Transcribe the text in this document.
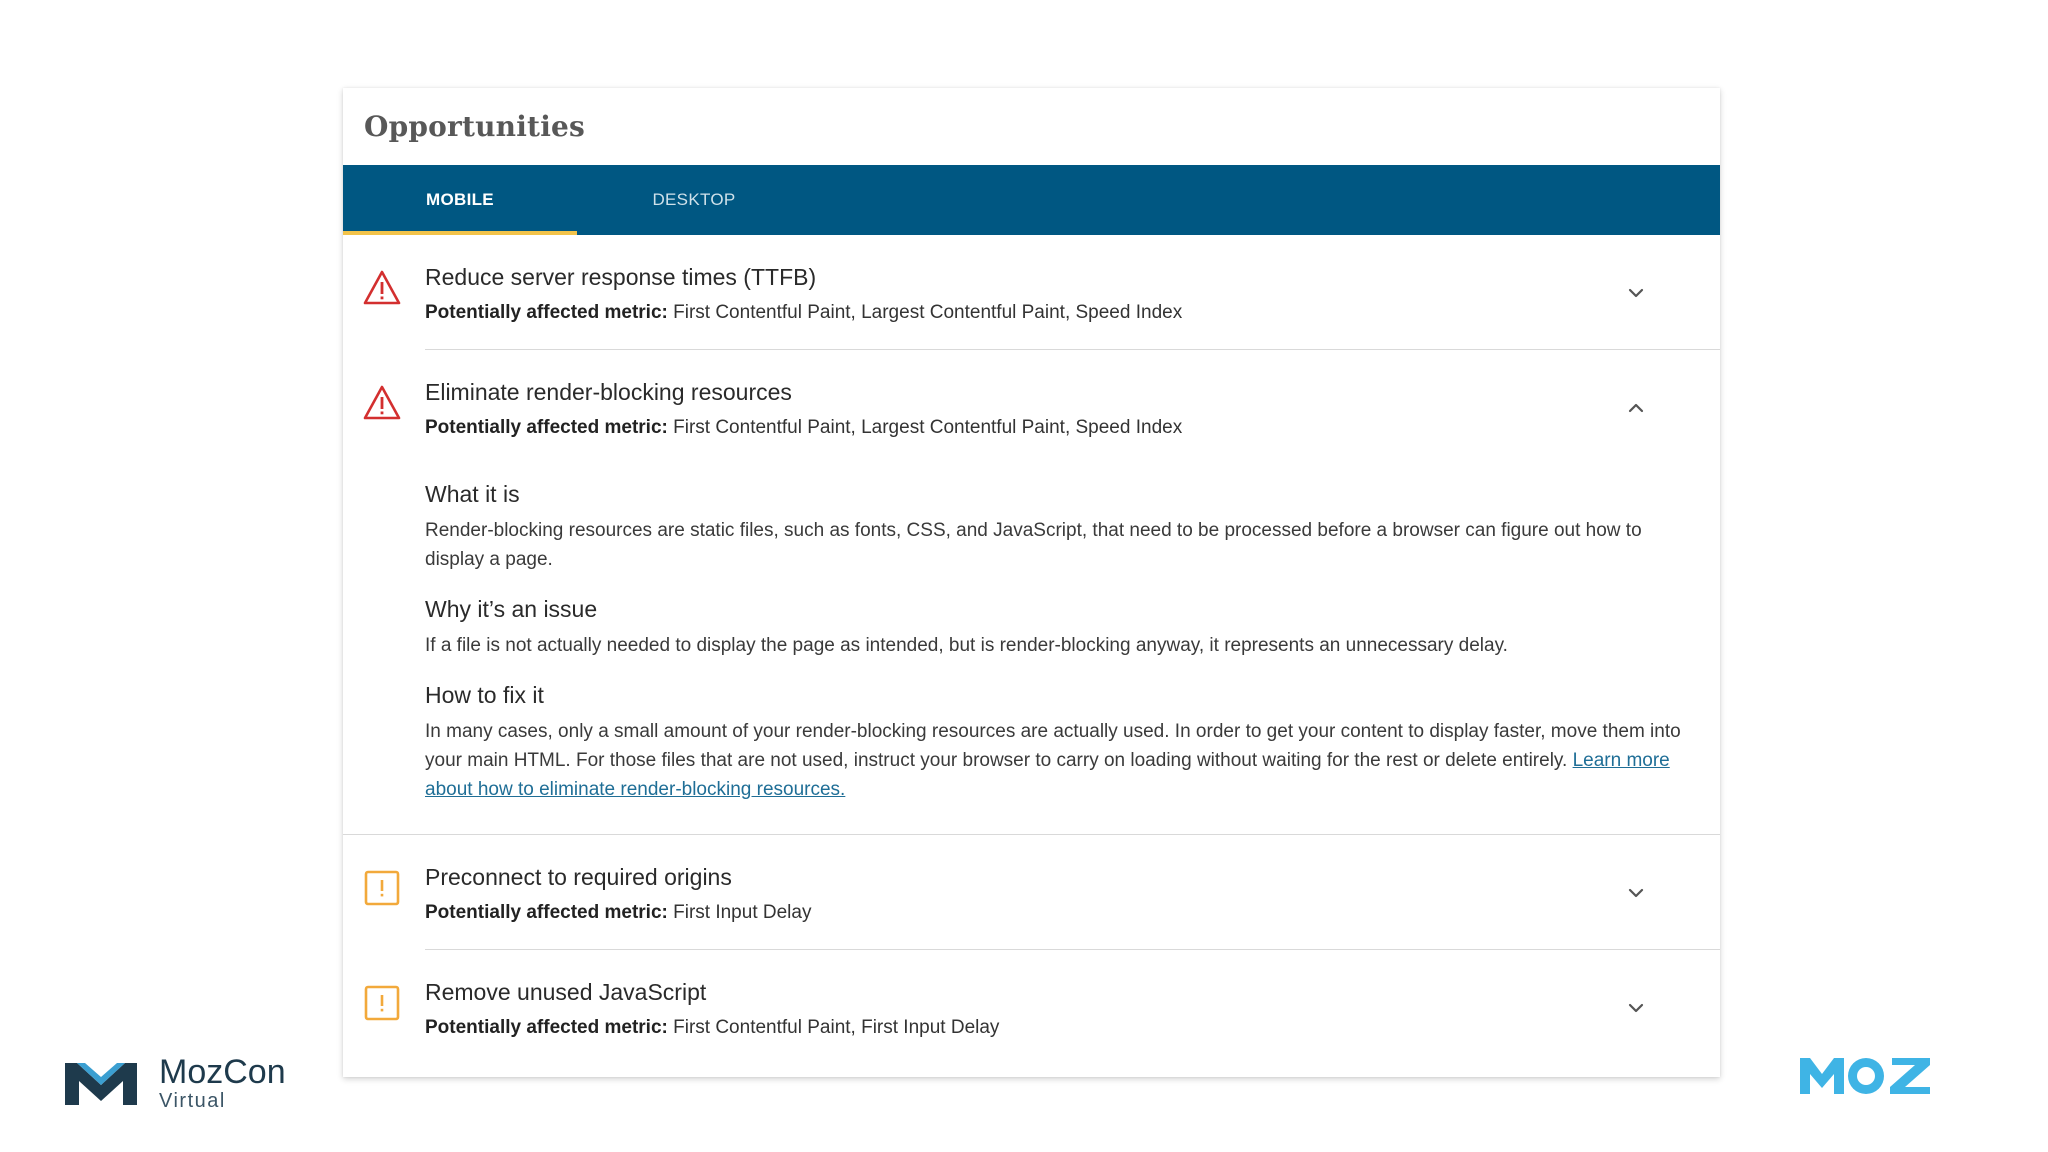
Opportunities
MOBILE	DESKTOP
Reduce server response times (TTFB)
Potentially affected metric: First Contentful Paint, Largest Contentful Paint, Speed Index
Eliminate render-blocking resources
Potentially affected metric: First Contentful Paint, Largest Contentful Paint, Speed Index
What it is
Render-blocking resources are static files, such as fonts, CSS, and JavaScript, that need to be processed before a browser can figure out how to display a page.
Why it’s an issue
If a file is not actually needed to display the page as intended, but is render-blocking anyway, it represents an unnecessary delay.
How to fix it
In many cases, only a small amount of your render-blocking resources are actually used. In order to get your content to display faster, move them into your main HTML. For those files that are not used, instruct your browser to carry on loading without waiting for the rest or delete entirely. Learn more about how to eliminate render-blocking resources.
Preconnect to required origins
Potentially affected metric: First Input Delay
Remove unused JavaScript
Potentially affected metric: First Contentful Paint, First Input Delay
MozCon
Virtual
